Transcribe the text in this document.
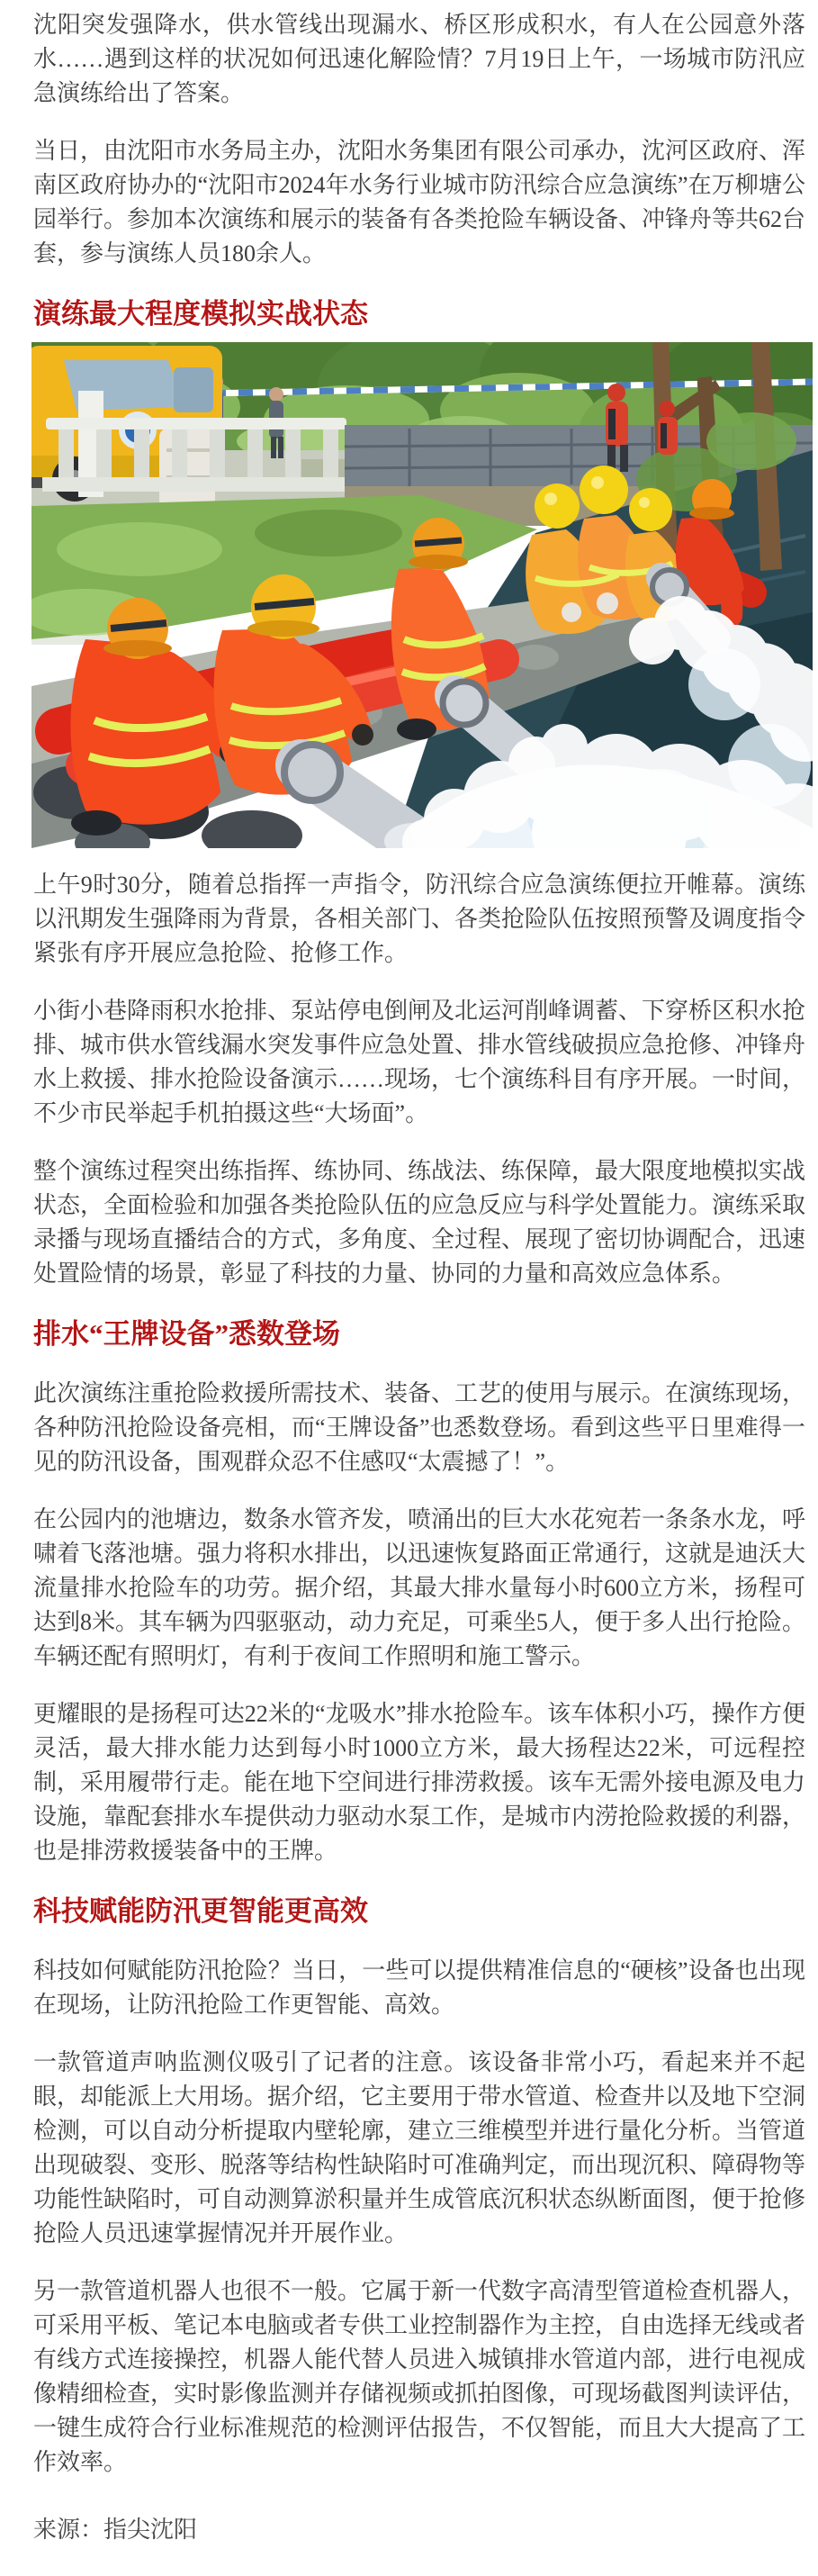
沈阳突发强降水，供水管线出现漏水、桥区形成积水，有人在公园意外落水……遇到这样的状况如何迅速化解险情？7月19日上午，一场城市防汛应急演练给出了答案。

当日，由沈阳市水务局主办，沈阳水务集团有限公司承办，沈河区政府、浑南区政府协办的“沈阳市2024年水务行业城市防汛综合应急演练”在万柳塘公园举行。参加本次演练和展示的装备有各类抢险车辆设备、冲锋舟等共62台套，参与演练人员180余人。

演练最大程度模拟实战状态

上午9时30分，随着总指挥一声指令，防汛综合应急演练便拉开帷幕。演练以汛期发生强降雨为背景，各相关部门、各类抢险队伍按照预警及调度指令紧张有序开展应急抢险、抢修工作。

小街小巷降雨积水抢排、泵站停电倒闸及北运河削峰调蓄、下穿桥区积水抢排、城市供水管线漏水突发事件应急处置、排水管线破损应急抢修、冲锋舟水上救援、排水抢险设备演示……现场，七个演练科目有序开展。一时间，不少市民举起手机拍摄这些“大场面”。

整个演练过程突出练指挥、练协同、练战法、练保障，最大限度地模拟实战状态，全面检验和加强各类抢险队伍的应急反应与科学处置能力。演练采取录播与现场直播结合的方式，多角度、全过程、展现了密切协调配合，迅速处置险情的场景，彰显了科技的力量、协同的力量和高效应急体系。

排水“王牌设备”悉数登场

此次演练注重抢险救援所需技术、装备、工艺的使用与展示。在演练现场，各种防汛抢险设备亮相，而“王牌设备”也悉数登场。看到这些平日里难得一见的防汛设备，围观群众忍不住感叹“太震撼了！”。

在公园内的池塘边，数条水管齐发，喷涌出的巨大水花宛若一条条水龙，呼啸着飞落池塘。强力将积水排出，以迅速恢复路面正常通行，这就是迪沃大流量排水抢险车的功劳。据介绍，其最大排水量每小时600立方米，扬程可达到8米。其车辆为四驱驱动，动力充足，可乘坐5人，便于多人出行抢险。车辆还配有照明灯，有利于夜间工作照明和施工警示。

更耀眼的是扬程可达22米的“龙吸水”排水抢险车。该车体积小巧，操作方便灵活，最大排水能力达到每小时1000立方米，最大扬程达22米，可远程控制，采用履带行走。能在地下空间进行排涝救援。该车无需外接电源及电力设施，靠配套排水车提供动力驱动水泵工作，是城市内涝抢险救援的利器，也是排涝救援装备中的王牌。

科技赋能防汛更智能更高效

科技如何赋能防汛抢险？当日，一些可以提供精准信息的“硬核”设备也出现在现场，让防汛抢险工作更智能、高效。

一款管道声呐监测仪吸引了记者的注意。该设备非常小巧，看起来并不起眼，却能派上大用场。据介绍，它主要用于带水管道、检查井以及地下空洞检测，可以自动分析提取内壁轮廓，建立三维模型并进行量化分析。当管道出现破裂、变形、脱落等结构性缺陷时可准确判定，而出现沉积、障碍物等功能性缺陷时，可自动测算淤积量并生成管底沉积状态纵断面图，便于抢修抢险人员迅速掌握情况并开展作业。

另一款管道机器人也很不一般。它属于新一代数字高清型管道检查机器人，可采用平板、笔记本电脑或者专供工业控制器作为主控，自由选择无线或者有线方式连接操控，机器人能代替人员进入城镇排水管道内部，进行电视成像精细检查，实时影像监测并存储视频或抓拍图像，可现场截图判读评估，一键生成符合行业标准规范的检测评估报告，不仅智能，而且大大提高了工作效率。

来源：指尖沈阳
